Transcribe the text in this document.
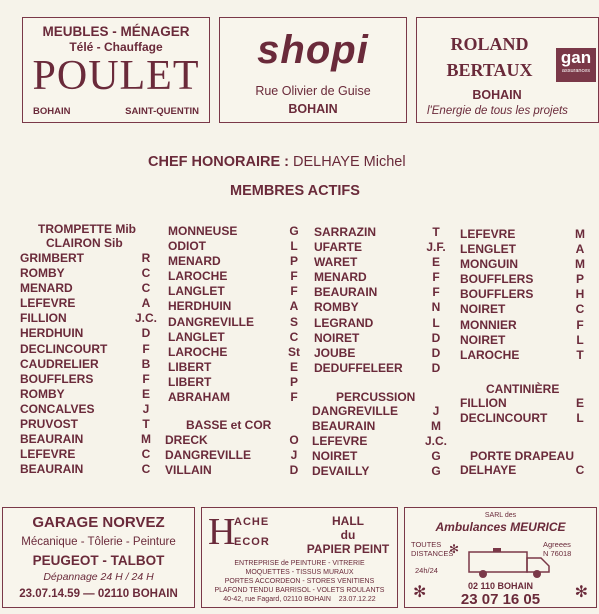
MEUBLES - MÉNAGER
Télé - Chauffage
POULET
BOHAIN	SAINT-QUENTIN
shopi
Rue Olivier de Guise
BOHAIN
ROLAND
BERTAUX
gan
assurances
BOHAIN
l'Energie de tous les projets
CHEF HONORAIRE : DELHAYE Michel
MEMBRES ACTIFS
TROMPETTE Mib
CLAIRON Sib
GRIMBERT	R
ROMBY	C
MENARD	C
LEFEVRE	A
FILLION	J.C.
HERDHUIN	D
DECLINCOURT	F
CAUDRELIER	B
BOUFFLERS	F
ROMBY	E
CONCALVES	J
PRUVOST	T
BEAURAIN	M
LEFEVRE	C
BEAURAIN	C
MONNEUSE	G
ODIOT	L
MENARD	P
LAROCHE	F
LANGLET	F
HERDHUIN	A
DANGREVILLE	S
LANGLET	C
LAROCHE	St
LIBERT	E
LIBERT	P
ABRAHAM	F
BASSE et COR
DRECK	O
DANGREVILLE	J
VILLAIN	D
SARRAZIN	T
UFARTE	J.F.
WARET	E
MENARD	F
BEAURAIN	F
ROMBY	N
LEGRAND	L
NOIRET	D
JOUBE	D
DEDUFFELEER	D
PERCUSSION
DANGREVILLE	J
BEAURAIN	M
LEFEVRE	J.C.
NOIRET	G
DEVAILLY	G
LEFEVRE	M
LENGLET	A
MONGUIN	M
BOUFFLERS	P
BOUFFLERS	H
NOIRET	C
MONNIER	F
NOIRET	L
LAROCHE	T
CANTINIÈRE
FILLION	E
DECLINCOURT	L
PORTE DRAPEAU
DELHAYE	C
GARAGE NORVEZ
Mécanique - Tôlerie - Peinture
PEUGEOT - TALBOT
Dépannage 24 H / 24 H
23.07.14.59 — 02110 BOHAIN
H
ACHE
ECOR
HALL
du
PAPIER PEINT
ENTREPRISE de PEINTURE - VITRERIE
MOQUETTES - TISSUS MURAUX
PORTES ACCORDEON - STORES VENITIENS
PLAFOND TENDU BARRISOL - VOLETS ROULANTS
40-42, rue Fagard, 02110 BOHAIN    23.07.12.22
SARL des
Ambulances MEURICE
TOUTES
DISTANCES
Agreees
N 76018
24h/24
✻	✻
✻
02 110 BOHAIN
23 07 16 05
